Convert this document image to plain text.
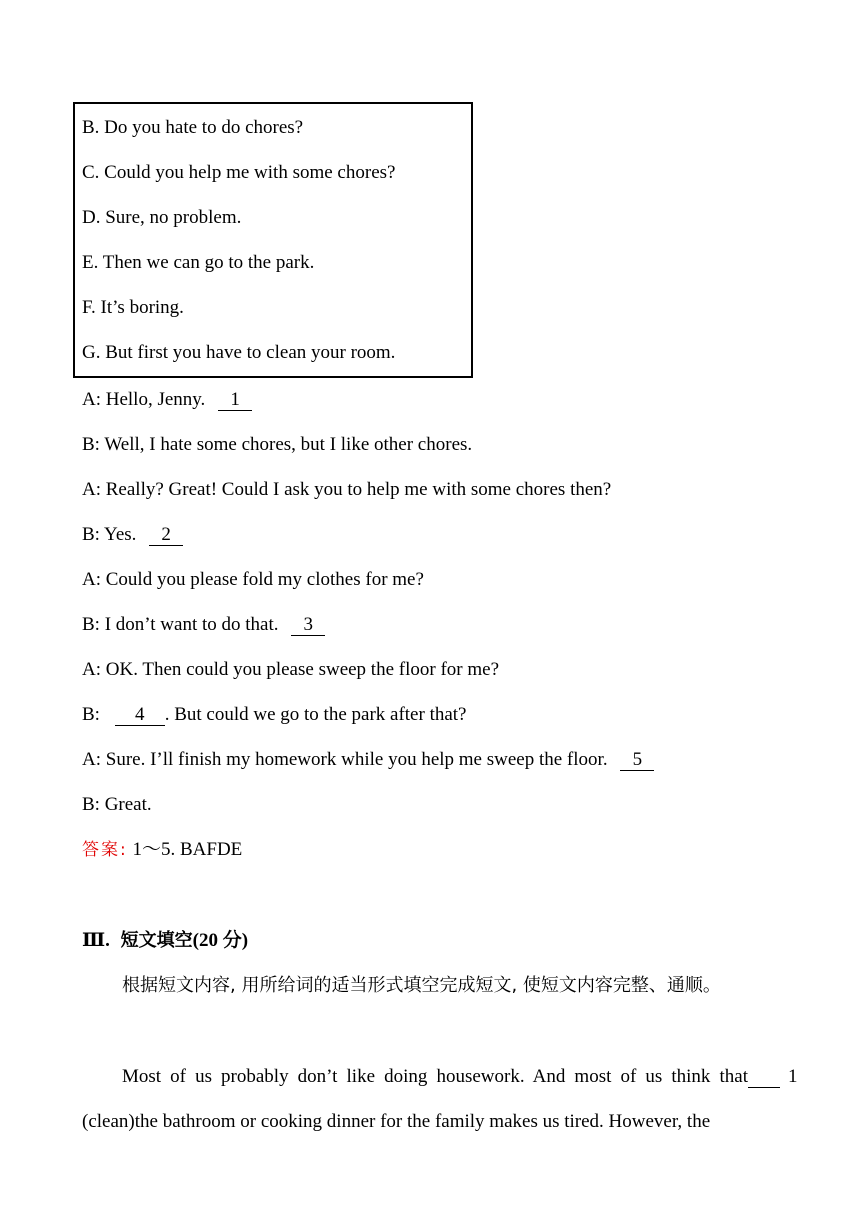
B. Do you hate to do chores?
C. Could you help me with some chores?
D. Sure, no problem.
E. Then we can go to the park.
F. It’s boring.
G. But first you have to clean your room.
A: Hello, Jenny. 1
B: Well, I hate some chores, but I like other chores.
A: Really? Great! Could I ask you to help me with some chores then?
B: Yes. 2
A: Could you please fold my clothes for me?
B: I don’t want to do that. 3
A: OK. Then could you please sweep the floor for me?
B: 4 . But could we go to the park after that?
A: Sure. I’ll finish my homework while you help me sweep the floor. 5
B: Great.
答案: 1～5. BAFDE
Ⅲ. 短文填空(20 分)
根据短文内容, 用所给词的适当形式填空完成短文, 使短文内容完整、通顺。
Most of us probably don’t like doing housework. And most of us think that 1 (clean)the bathroom or cooking dinner for the family makes us tired. However, the
